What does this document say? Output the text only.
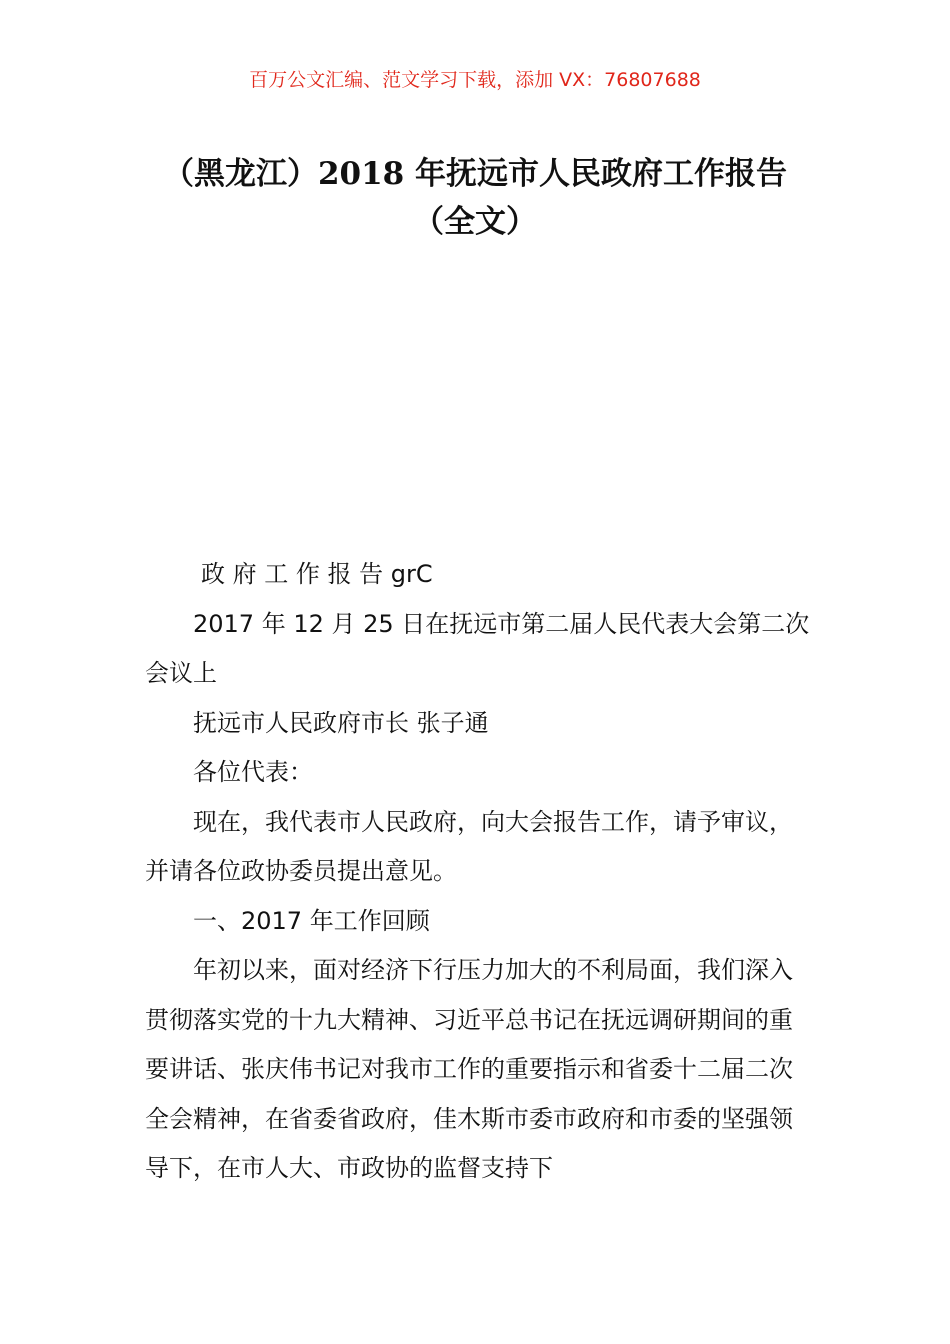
百万公文汇编、范文学习下载，添加 VX：76807688
（黑龙江）2018 年抚远市人民政府工作报告（全文）

政 府 工 作 报 告 grC

2017 年 12 月 25 日在抚远市第二届人民代表大会第二次会议上

抚远市人民政府市长 张子通

各位代表：

现在，我代表市人民政府，向大会报告工作，请予审议，并请各位政协委员提出意见。

一、2017 年工作回顾

年初以来，面对经济下行压力加大的不利局面，我们深入贯彻落实党的十九大精神、习近平总书记在抚远调研期间的重要讲话、张庆伟书记对我市工作的重要指示和省委十二届二次全会精神，在省委省政府，佳木斯市委市政府和市委的坚强领导下，在市人大、市政协的监督支持下
